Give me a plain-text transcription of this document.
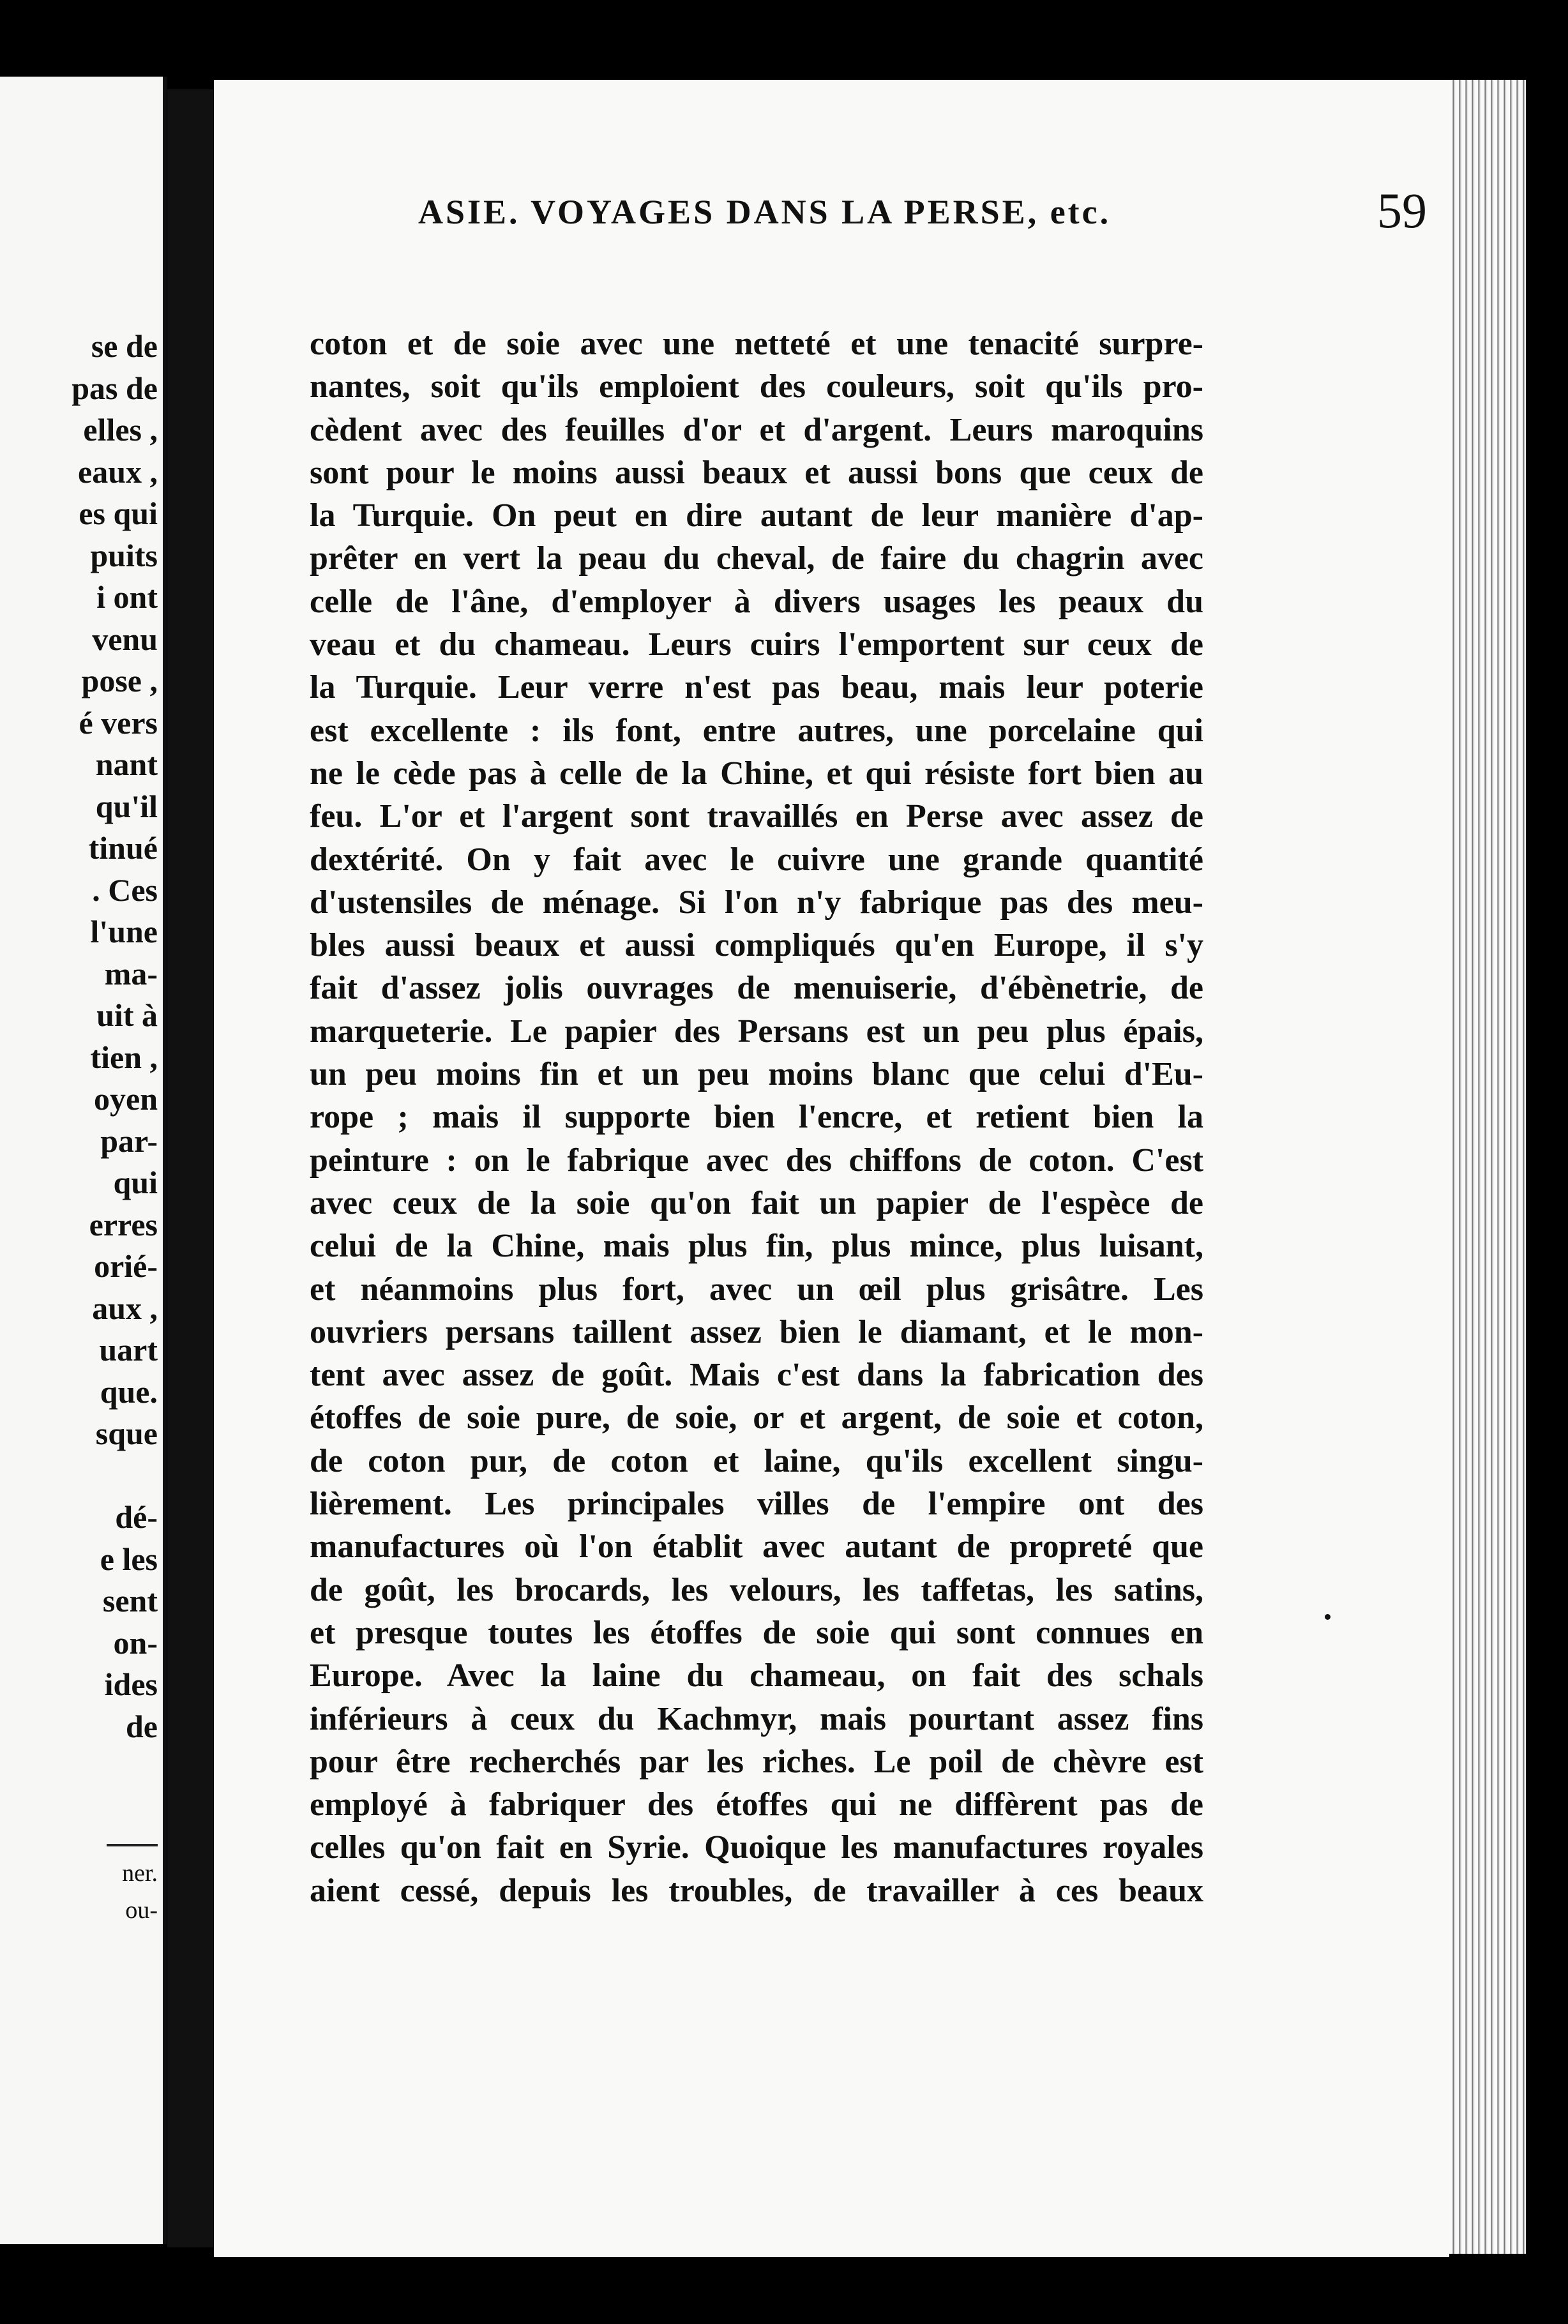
se de
pas de
elles ,
eaux ,
es qui
puits
i ont
venu
pose ,
é vers
nant
qu'il
tinué
. Ces
l'une
ma-
uit à
tien ,
oyen
par-
qui
erres
orié-
aux ,
uart
que.
sque
dé-
e les
sent
on-
ides
de
ner.
ou-
ASIE. VOYAGES DANS LA PERSE, etc.	59
coton et de soie avec une netteté et une tenacité surpre-
nantes, soit qu'ils emploient des couleurs, soit qu'ils pro-
cèdent avec des feuilles d'or et d'argent. Leurs maroquins
sont pour le moins aussi beaux et aussi bons que ceux de
la Turquie. On peut en dire autant de leur manière d'ap-
prêter en vert la peau du cheval, de faire du chagrin avec
celle de l'âne, d'employer à divers usages les peaux du
veau et du chameau. Leurs cuirs l'emportent sur ceux de
la Turquie. Leur verre n'est pas beau, mais leur poterie
est excellente : ils font, entre autres, une porcelaine qui
ne le cède pas à celle de la Chine, et qui résiste fort bien au
feu. L'or et l'argent sont travaillés en Perse avec assez de
dextérité. On y fait avec le cuivre une grande quantité
d'ustensiles de ménage. Si l'on n'y fabrique pas des meu-
bles aussi beaux et aussi compliqués qu'en Europe, il s'y
fait d'assez jolis ouvrages de menuiserie, d'ébènetrie, de
marqueterie. Le papier des Persans est un peu plus épais,
un peu moins fin et un peu moins blanc que celui d'Eu-
rope ; mais il supporte bien l'encre, et retient bien la
peinture : on le fabrique avec des chiffons de coton. C'est
avec ceux de la soie qu'on fait un papier de l'espèce de
celui de la Chine, mais plus fin, plus mince, plus luisant,
et néanmoins plus fort, avec un œil plus grisâtre. Les
ouvriers persans taillent assez bien le diamant, et le mon-
tent avec assez de goût. Mais c'est dans la fabrication des
étoffes de soie pure, de soie, or et argent, de soie et coton,
de coton pur, de coton et laine, qu'ils excellent singu-
lièrement. Les principales villes de l'empire ont des
manufactures où l'on établit avec autant de propreté que
de goût, les brocards, les velours, les taffetas, les satins,
et presque toutes les étoffes de soie qui sont connues en
Europe. Avec la laine du chameau, on fait des schals
inférieurs à ceux du Kachmyr, mais pourtant assez fins
pour être recherchés par les riches. Le poil de chèvre est
employé à fabriquer des étoffes qui ne diffèrent pas de
celles qu'on fait en Syrie. Quoique les manufactures royales
aient cessé, depuis les troubles, de travailler à ces beaux
